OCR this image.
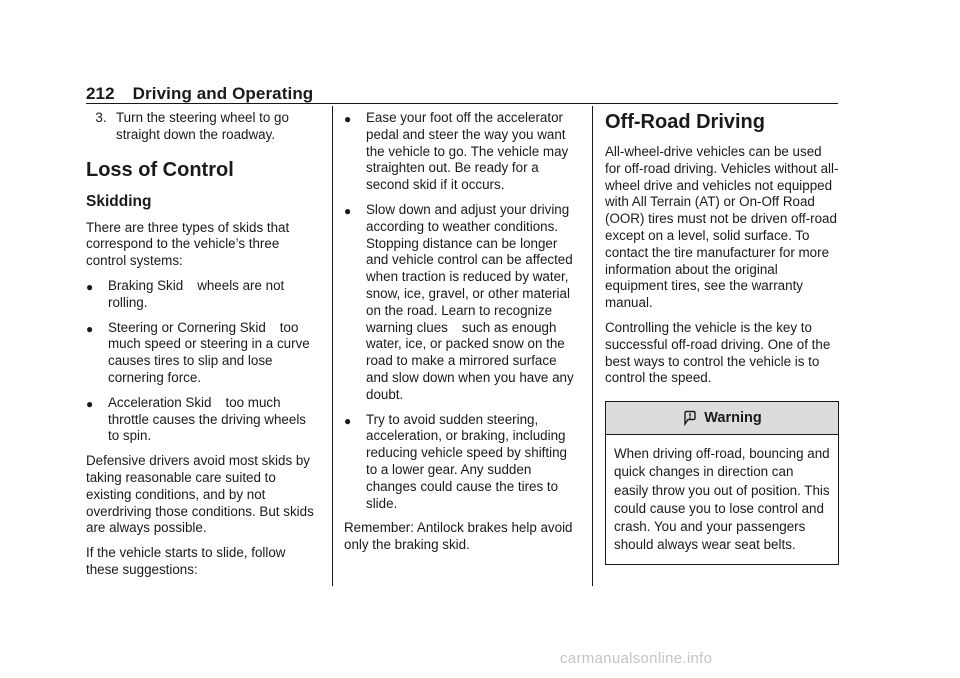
212 Driving and Operating
3. Turn the steering wheel to go straight down the roadway.
Loss of Control
Skidding

There are three types of skids that correspond to the vehicle’s three control systems:

●	Braking Skid wheels are not rolling.
●	Steering or Cornering Skid too much speed or steering in a curve causes tires to slip and lose cornering force.
●	Acceleration Skid too much throttle causes the driving wheels to spin.

Defensive drivers avoid most skids by taking reasonable care suited to existing conditions, and by not overdriving those conditions. But skids are always possible.

If the vehicle starts to slide, follow these suggestions:

●	Ease your foot off the accelerator pedal and steer the way you want the vehicle to go. The vehicle may straighten out. Be ready for a second skid if it occurs.
●	Slow down and adjust your driving according to weather conditions. Stopping distance can be longer and vehicle control can be affected when traction is reduced by water, snow, ice, gravel, or other material on the road. Learn to recognize warning clues such as enough water, ice, or packed snow on the road to make a mirrored surfaceand slow down when you have any doubt.
●	Try to avoid sudden steering, acceleration, or braking, including reducing vehicle speed by shifting to a lower gear. Any sudden changes could cause the tires to slide.

Remember: Antilock brakes help avoid only the braking skid.

Off-Road Driving

All-wheel-drive vehicles can be used for off-road driving. Vehicles without all-wheel drive and vehicles not equipped with All Terrain (AT) or On-Off Road (OOR) tires must not be driven off-road except on a level, solid surface. To contact the tire manufacturer for more information about the original equipment tires, see the warranty manual.

Controlling the vehicle is the key to successful off-road driving. One of the best ways to control the vehicle is to control the speed.

Warning
When driving off-road, bouncing and quick changes in direction can easily throw you out of position. This could cause you to lose control and crash. You and your passengers should always wear seat belts.
carmanualsonline.info
